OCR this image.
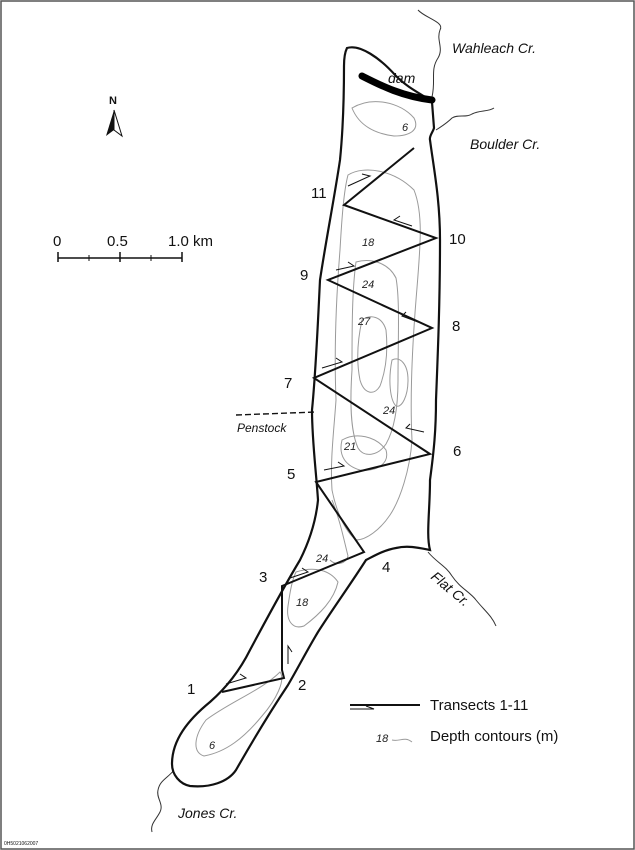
N
0	0.5	1.0 km
Wahleach Cr.
Boulder Cr.
Flat Cr.
Jones Cr.
dam
Penstock
1	2
3
4
5
6
7
8
9
10
11
6
18
24
27
24
21
24
18
6
Transects 1-11
18	Depth contours (m)
0H5021062007
